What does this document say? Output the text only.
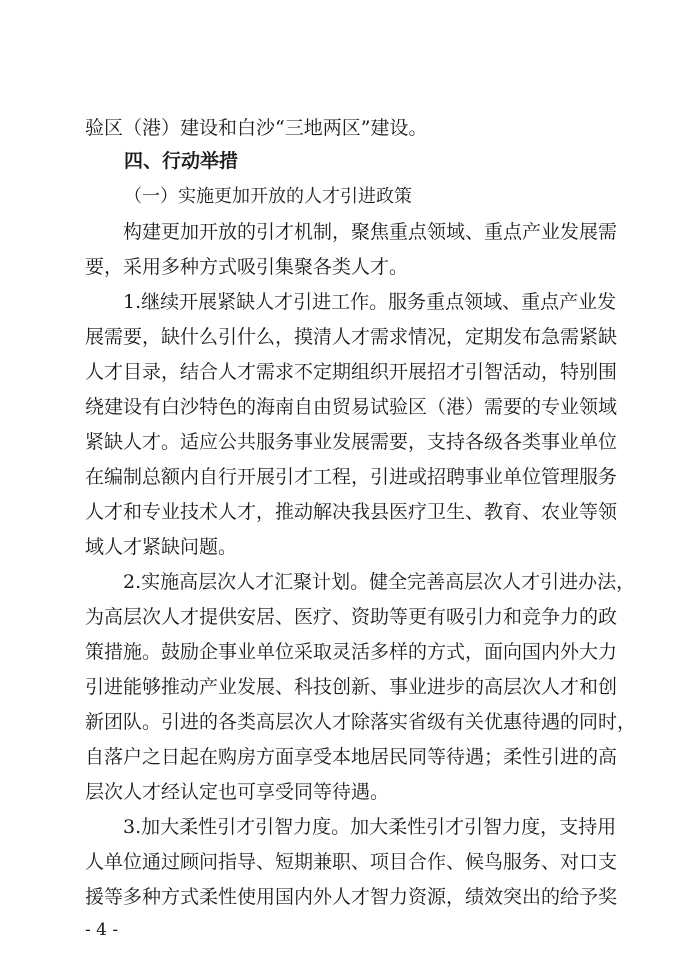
验区（港）建设和白沙“三地两区”建设。
四、行动举措
（一）实施更加开放的人才引进政策
构建更加开放的引才机制，聚焦重点领域、重点产业发展需
要，采用多种方式吸引集聚各类人才。
1.继续开展紧缺人才引进工作。服务重点领域、重点产业发
展需要，缺什么引什么，摸清人才需求情况，定期发布急需紧缺
人才目录，结合人才需求不定期组织开展招才引智活动，特别围
绕建设有白沙特色的海南自由贸易试验区（港）需要的专业领域
紧缺人才。适应公共服务事业发展需要，支持各级各类事业单位
在编制总额内自行开展引才工程，引进或招聘事业单位管理服务
人才和专业技术人才，推动解决我县医疗卫生、教育、农业等领
域人才紧缺问题。
2.实施高层次人才汇聚计划。健全完善高层次人才引进办法，
为高层次人才提供安居、医疗、资助等更有吸引力和竞争力的政
策措施。鼓励企事业单位采取灵活多样的方式，面向国内外大力
引进能够推动产业发展、科技创新、事业进步的高层次人才和创
新团队。引进的各类高层次人才除落实省级有关优惠待遇的同时，
自落户之日起在购房方面享受本地居民同等待遇；柔性引进的高
层次人才经认定也可享受同等待遇。
3.加大柔性引才引智力度。加大柔性引才引智力度，支持用
人单位通过顾问指导、短期兼职、项目合作、候鸟服务、对口支
援等多种方式柔性使用国内外人才智力资源，绩效突出的给予奖
- 4 -
